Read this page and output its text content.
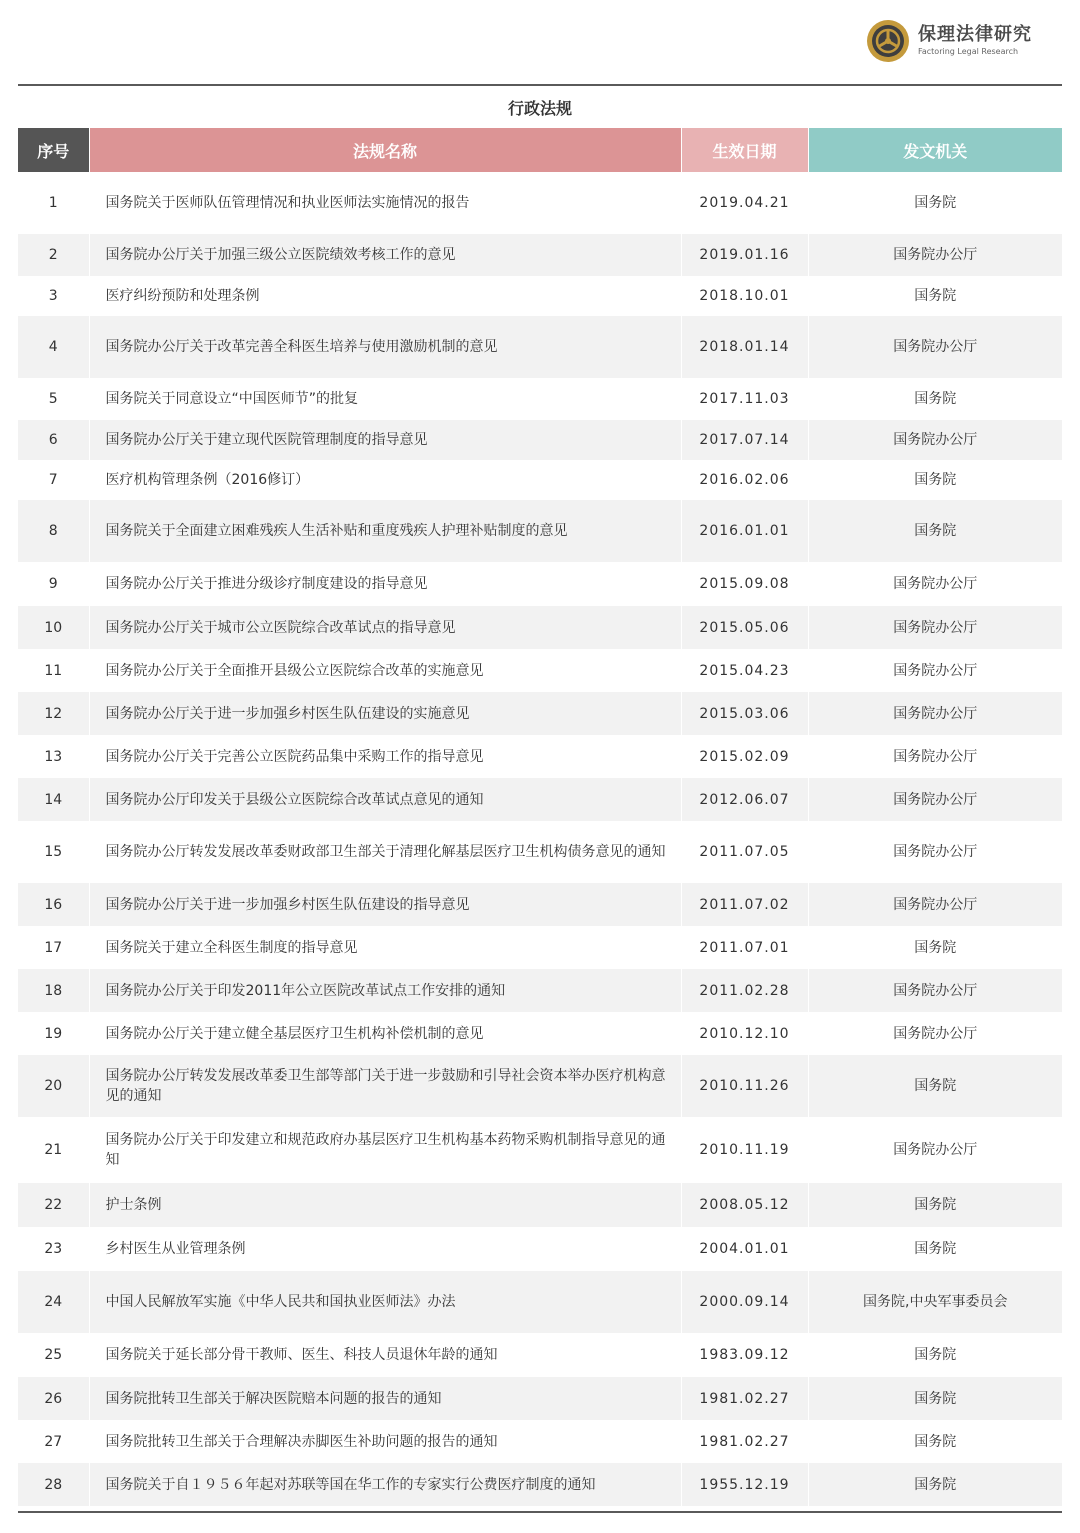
保理法律研究
Factoring Legal Research
行政法规
序号	法规名称	生效日期	发文机关
1	国务院关于医师队伍管理情况和执业医师法实施情况的报告	2019.04.21	国务院
2	国务院办公厅关于加强三级公立医院绩效考核工作的意见	2019.01.16	国务院办公厅
3	医疗纠纷预防和处理条例	2018.10.01	国务院
4	国务院办公厅关于改革完善全科医生培养与使用激励机制的意见	2018.01.14	国务院办公厅
5	国务院关于同意设立“中国医师节”的批复	2017.11.03	国务院
6	国务院办公厅关于建立现代医院管理制度的指导意见	2017.07.14	国务院办公厅
7	医疗机构管理条例（2016修订）	2016.02.06	国务院
8	国务院关于全面建立困难残疾人生活补贴和重度残疾人护理补贴制度的意见	2016.01.01	国务院
9	国务院办公厅关于推进分级诊疗制度建设的指导意见	2015.09.08	国务院办公厅
10	国务院办公厅关于城市公立医院综合改革试点的指导意见	2015.05.06	国务院办公厅
11	国务院办公厅关于全面推开县级公立医院综合改革的实施意见	2015.04.23	国务院办公厅
12	国务院办公厅关于进一步加强乡村医生队伍建设的实施意见	2015.03.06	国务院办公厅
13	国务院办公厅关于完善公立医院药品集中采购工作的指导意见	2015.02.09	国务院办公厅
14	国务院办公厅印发关于县级公立医院综合改革试点意见的通知	2012.06.07	国务院办公厅
15	国务院办公厅转发发展改革委财政部卫生部关于清理化解基层医疗卫生机构债务意见的通知	2011.07.05	国务院办公厅
16	国务院办公厅关于进一步加强乡村医生队伍建设的指导意见	2011.07.02	国务院办公厅
17	国务院关于建立全科医生制度的指导意见	2011.07.01	国务院
18	国务院办公厅关于印发2011年公立医院改革试点工作安排的通知	2011.02.28	国务院办公厅
19	国务院办公厅关于建立健全基层医疗卫生机构补偿机制的意见	2010.12.10	国务院办公厅
20	国务院办公厅转发发展改革委卫生部等部门关于进一步鼓励和引导社会资本举办医疗机构意见的通知	2010.11.26	国务院
21	国务院办公厅关于印发建立和规范政府办基层医疗卫生机构基本药物采购机制指导意见的通知	2010.11.19	国务院办公厅
22	护士条例	2008.05.12	国务院
23	乡村医生从业管理条例	2004.01.01	国务院
24	中国人民解放军实施《中华人民共和国执业医师法》办法	2000.09.14	国务院,中央军事委员会
25	国务院关于延长部分骨干教师、医生、科技人员退休年龄的通知	1983.09.12	国务院
26	国务院批转卫生部关于解决医院赔本问题的报告的通知	1981.02.27	国务院
27	国务院批转卫生部关于合理解决赤脚医生补助问题的报告的通知	1981.02.27	国务院
28	国务院关于自１９５６年起对苏联等国在华工作的专家实行公费医疗制度的通知	1955.12.19	国务院
